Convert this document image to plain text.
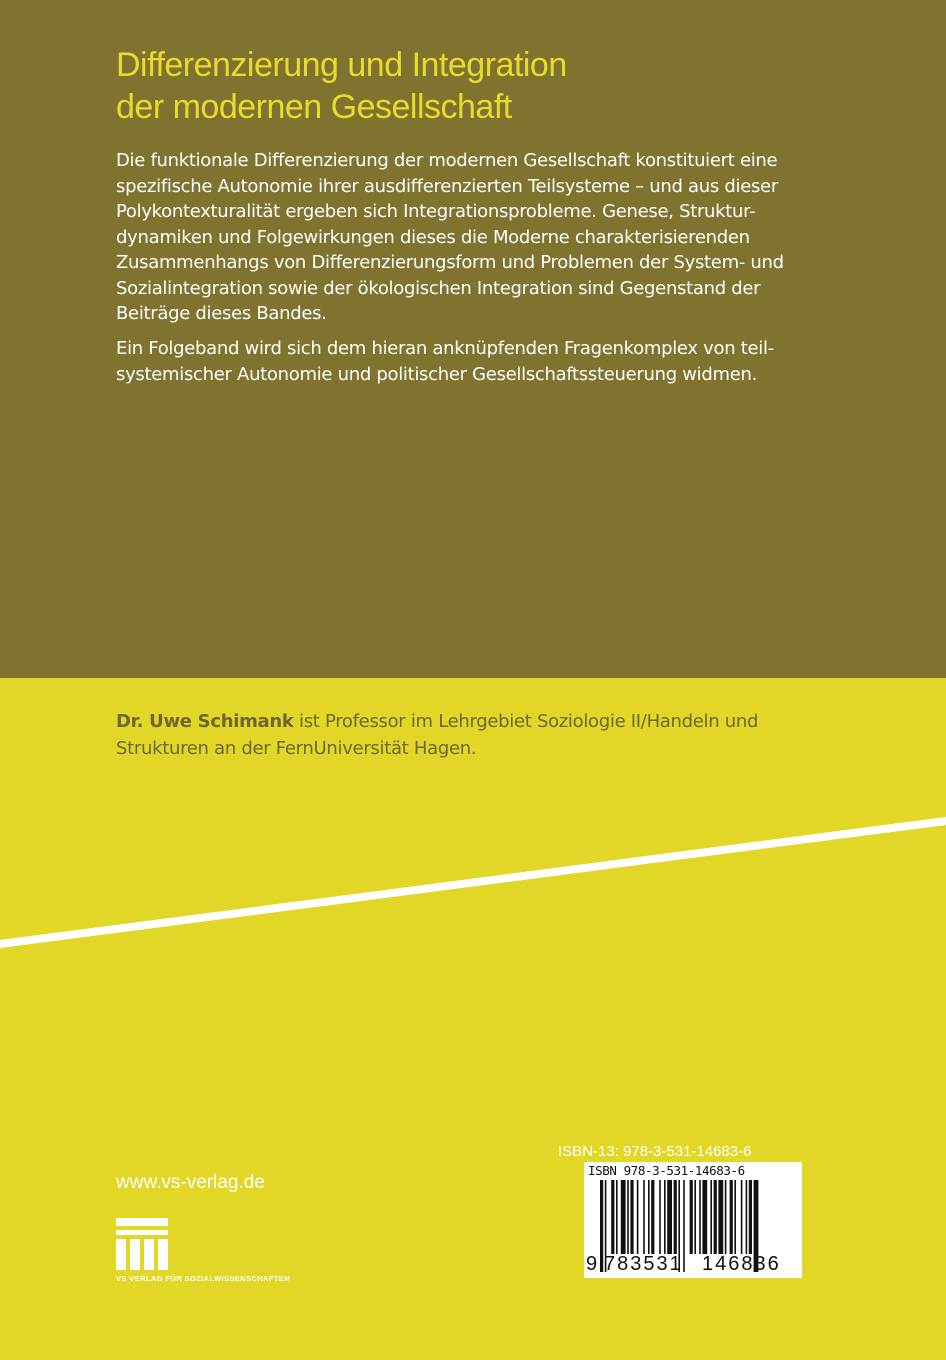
Differenzierung und Integration
der modernen Gesellschaft
Die funktionale Differenzierung der modernen Gesellschaft konstituiert eine
spezifische Autonomie ihrer ausdifferenzierten Teilsysteme – und aus dieser
Polykontexturalität ergeben sich Integrationsprobleme. Genese, Struktur-
dynamiken und Folgewirkungen dieses die Moderne charakterisierenden
Zusammenhangs von Differenzierungsform und Problemen der System- und
Sozialintegration sowie der ökologischen Integration sind Gegenstand der
Beiträge dieses Bandes.
Ein Folgeband wird sich dem hieran anknüpfenden Fragenkomplex von teil-
systemischer Autonomie und politischer Gesellschaftssteuerung widmen.
Dr. Uwe Schimank ist Professor im Lehrgebiet Soziologie II/Handeln und
Strukturen an der FernUniversität Hagen.
www.vs-verlag.de
VS VERLAG FÜR SOZIALWISSENSCHAFTEN
ISBN-13: 978-3-531-14683-6
ISBN 978-3-531-14683-6
9 783531 146836
